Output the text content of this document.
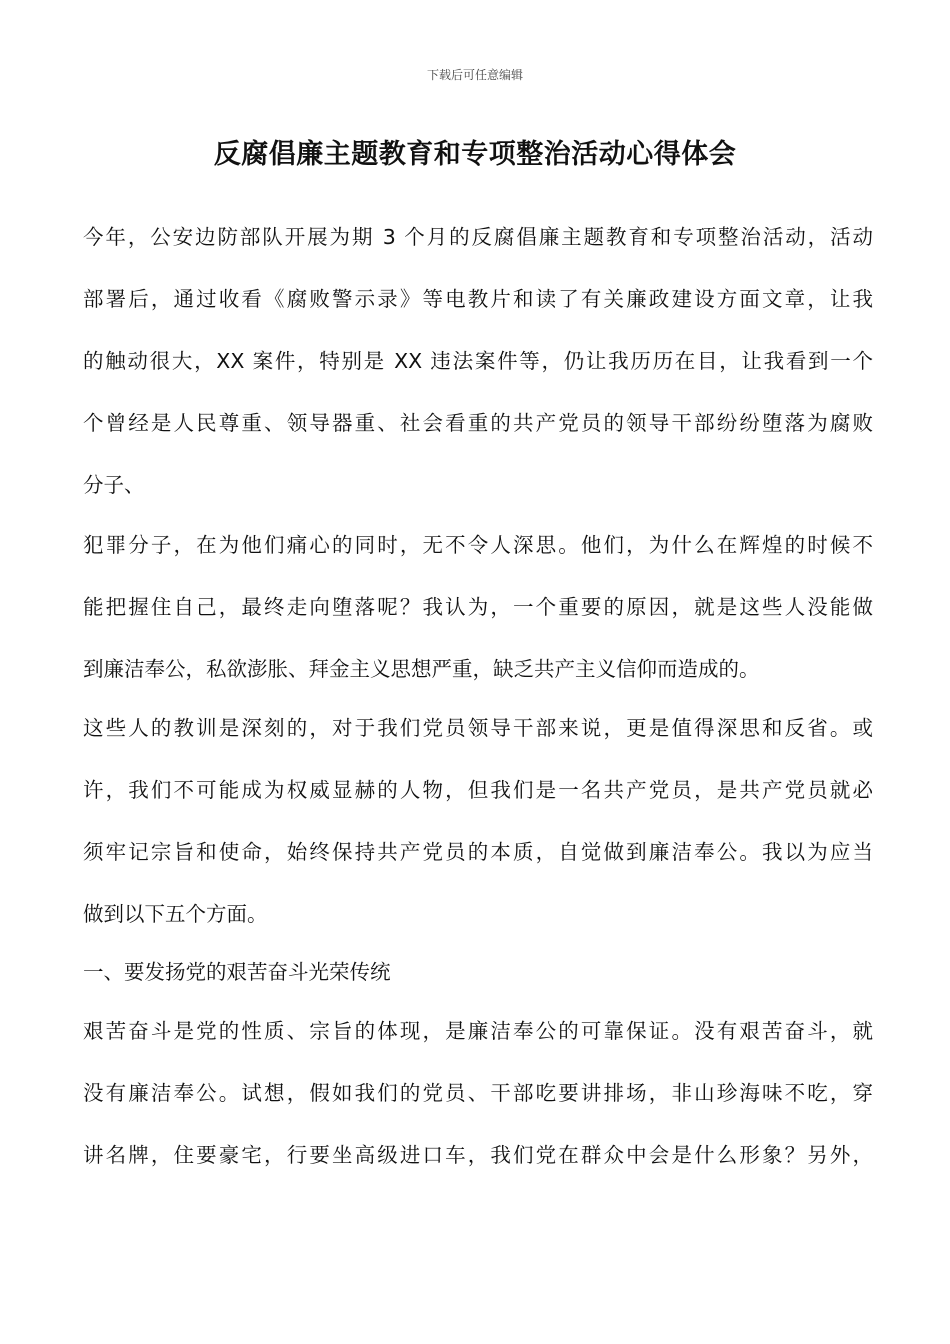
下载后可任意编辑
反腐倡廉主题教育和专项整治活动心得体会
今年，公安边防部队开展为期 3 个月的反腐倡廉主题教育和专项整治活动，活动
部署后，通过收看《腐败警示录》等电教片和读了有关廉政建设方面文章，让我
的触动很大，XX 案件，特别是 XX 违法案件等，仍让我历历在目，让我看到一个
个曾经是人民尊重、领导器重、社会看重的共产党员的领导干部纷纷堕落为腐败
分子、
犯罪分子，在为他们痛心的同时，无不令人深思。他们，为什么在辉煌的时候不
能把握住自己，最终走向堕落呢？我认为，一个重要的原因，就是这些人没能做
到廉洁奉公，私欲澎胀、拜金主义思想严重，缺乏共产主义信仰而造成的。
这些人的教训是深刻的，对于我们党员领导干部来说，更是值得深思和反省。或
许，我们不可能成为权威显赫的人物，但我们是一名共产党员，是共产党员就必
须牢记宗旨和使命，始终保持共产党员的本质，自觉做到廉洁奉公。我以为应当
做到以下五个方面。
一、要发扬党的艰苦奋斗光荣传统
艰苦奋斗是党的性质、宗旨的体现，是廉洁奉公的可靠保证。没有艰苦奋斗，就
没有廉洁奉公。试想，假如我们的党员、干部吃要讲排场，非山珍海味不吃，穿
讲名牌，住要豪宅，行要坐高级进口车，我们党在群众中会是什么形象？另外，
